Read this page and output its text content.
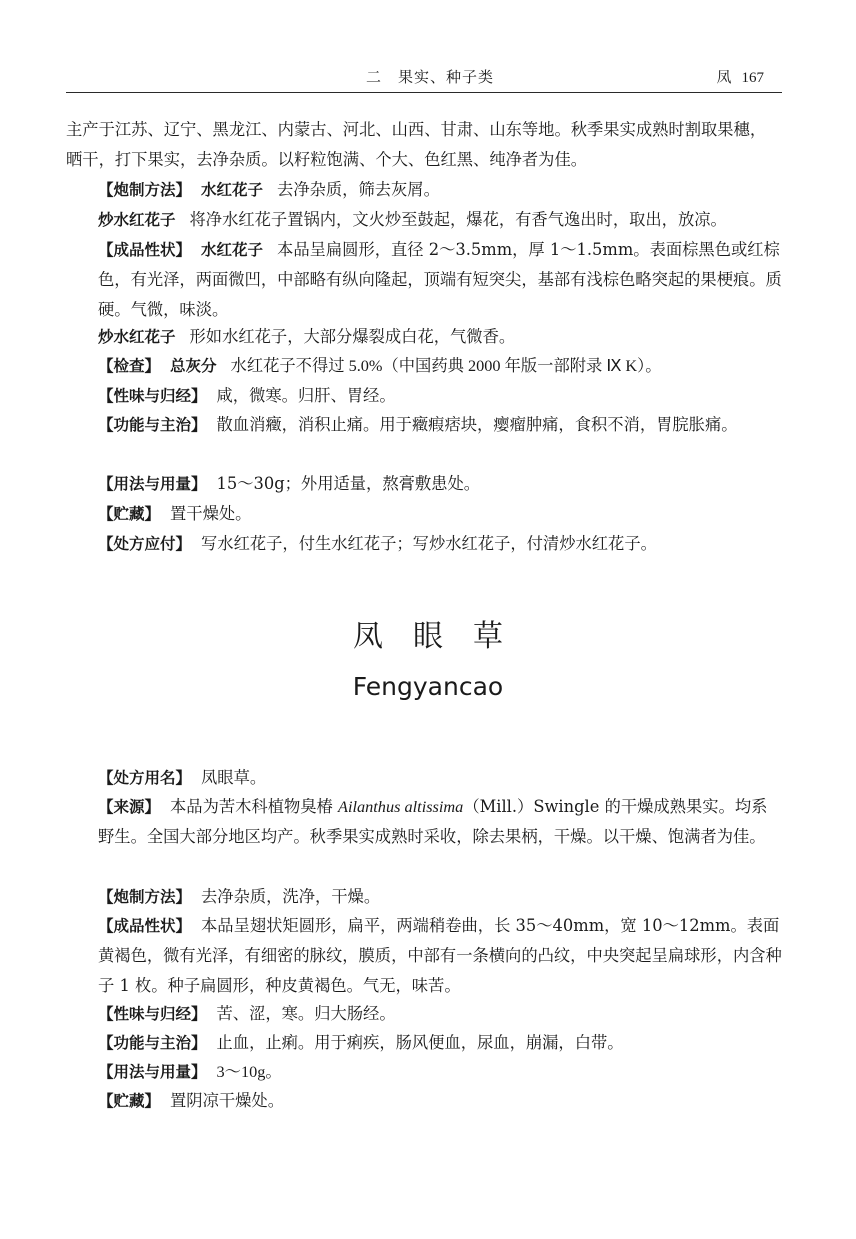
二　果实、种子类	凤 167

主产于江苏、辽宁、黑龙江、内蒙古、河北、山西、甘肃、山东等地。秋季果实成熟时割取果穗，晒干，打下果实，去净杂质。以籽粒饱满、个大、色红黑、纯净者为佳。

【炮制方法】 水红花子 去净杂质，筛去灰屑。

炒水红花子 将净水红花子置锅内，文火炒至鼓起，爆花，有香气逸出时，取出，放凉。

【成品性状】 水红花子 本品呈扁圆形，直径 2～3.5mm，厚 1～1.5mm。表面棕黑色或红棕色，有光泽，两面微凹，中部略有纵向隆起，顶端有短突尖，基部有浅棕色略突起的果梗痕。质硬。气微，味淡。

炒水红花子 形如水红花子，大部分爆裂成白花，气微香。

【检查】 总灰分 水红花子不得过 5.0%（中国药典 2000 年版一部附录 Ⅸ K）。

【性味与归经】 咸，微寒。归肝、胃经。

【功能与主治】 散血消癥，消积止痛。用于癥瘕痞块，瘿瘤肿痛，食积不消，胃脘胀痛。

【用法与用量】 15～30g；外用适量，熬膏敷患处。

【贮藏】 置干燥处。

【处方应付】 写水红花子，付生水红花子；写炒水红花子，付清炒水红花子。

凤眼草
Fengyancao

【处方用名】 凤眼草。

【来源】 本品为苦木科植物臭椿 Ailanthus altissima（Mill.）Swingle 的干燥成熟果实。均系野生。全国大部分地区均产。秋季果实成熟时采收，除去果柄，干燥。以干燥、饱满者为佳。

【炮制方法】 去净杂质，洗净，干燥。

【成品性状】 本品呈翅状矩圆形，扁平，两端稍卷曲，长 35～40mm，宽 10～12mm。表面黄褐色，微有光泽，有细密的脉纹，膜质，中部有一条横向的凸纹，中央突起呈扁球形，内含种子 1 枚。种子扁圆形，种皮黄褐色。气无，味苦。

【性味与归经】 苦、涩，寒。归大肠经。

【功能与主治】 止血，止痢。用于痢疾，肠风便血，尿血，崩漏，白带。

【用法与用量】 3～10g。

【贮藏】 置阴凉干燥处。
